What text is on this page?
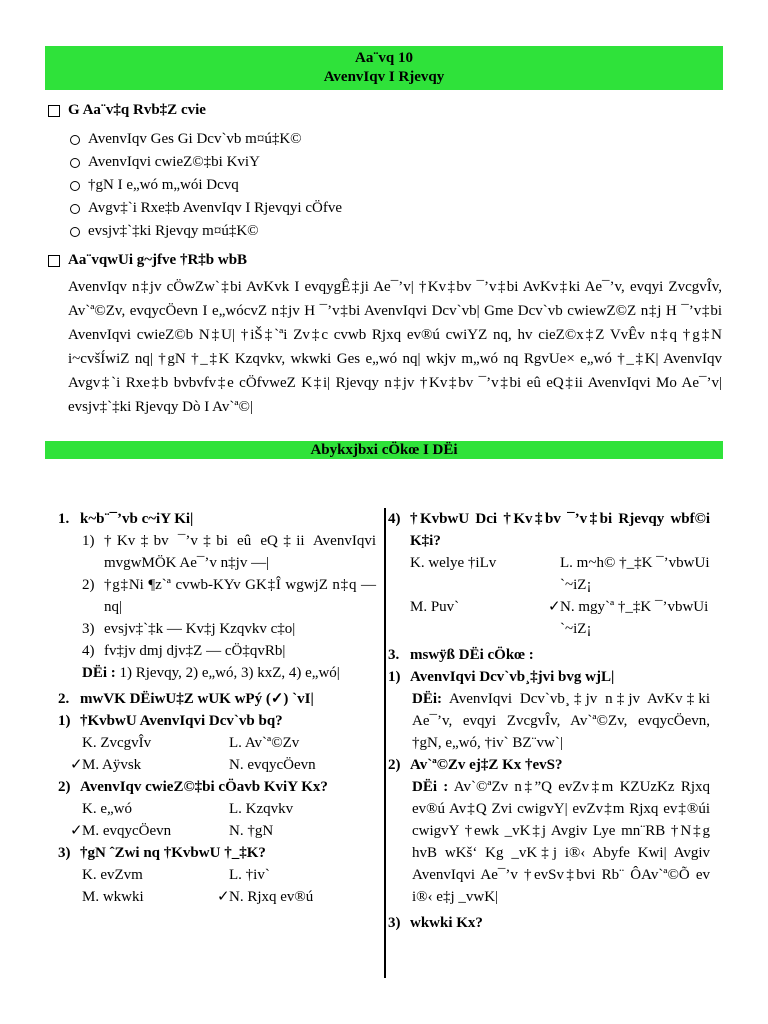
Aa¨vq 10
AvenvIqv I Rjevqy
G Aa¨v‡q Rvb‡Z cvie
AvenvIqv Ges Gi Dcv`vb m¤ú‡K©
AvenvIqvi cwieZ©‡bi KviY
†gN I e„wó m„wói Dcvq
Avgv‡`i Rxe‡b AvenvIqv I Rjevqyi cÖfve
evsjv‡`‡ki Rjevqy m¤ú‡K©
Aa¨vqwUi g~jfve †R‡b wbB
AvenvIqv n‡jv cÖwZw`‡bi AvKvk I evqygÊ‡ji Ae¯’v| †Kv‡bv ¯’v‡bi AvKv‡ki Ae¯’v, evqyi ZvcgvÎv, Av`ª©Zv, evqycÖevn I e„wócvZ n‡jv H ¯’v‡bi AvenvIqvi Dcv`vb| Gme Dcv`vb cwiewZ©Z n‡j H ¯’v‡bi AvenvIqvi cwieZ©b N‡U| †iŠ‡`ªi Zv‡c cvwb Rjxq ev®ú cwiYZ nq, hv cieZ©x‡Z VvÊv n‡q †g‡N i~cvšÍwiZ nq| †gN †_‡K Kzqvkv, wkwki Ges e„wó nq| wkjv m„wó nq RgvUe× e„wó †_‡K| AvenvIqv Avgv‡`i Rxe‡b bvbvfv‡e cÖfvweZ K‡i| Rjevqy n‡jv †Kv‡bv ¯’v‡bi eû eQ‡ii AvenvIqvi Mo Ae¯’v| evsjv‡`‡ki Rjevqy Dò I Av`ª©|
Abykxjbxi cÖkœ I DËi
1. k~b¨¯’vb c~iY Ki|
1) †Kv‡bv ¯’v‡bi eû eQ‡ii AvenvIqvi mvgwMÖK Ae¯’v n‡jv —|
2) †g‡Ni ¶z`ª cvwb-KYv GK‡Î wgwjZ n‡q — nq|
3) evsjv‡`‡k — Kv‡j Kzqvkv c‡o|
4) fv‡jv dmj djv‡Z — cÖ‡qvRb|
DËi : 1) Rjevqy, 2) e„wó, 3) kxZ, 4) e„wó|
2. mwVK DËiwU‡Z wUK wPý (✓) `vI|
1) †KvbwU AvenvIqvi Dcv`vb bq?
K. ZvcgvÎv	L. Av`ª©Zv
✓ M. Aÿvsk	N. evqycÖevn
2) AvenvIqv cwieZ©‡bi cÖavb KviY Kx?
K. e„wó	L. Kzqvkv
✓ M. evqycÖevn	N. †gN
3) †gN ˆZwi nq †KvbwU †_‡K?
K. evZvm	L. †iv`
M. wkwki	✓ N. Rjxq ev®ú
4) †KvbwU Dci †Kv‡bv ¯’v‡bi Rjevqy wbf©i K‡i?
K. welye †iLv	L. m~h© †_‡K ¯’vbwUi `~iZ¡
M. Puv`	✓ N. mgy`ª †_‡K ¯’vbwUi `~iZ¡
3. mswÿß DËi cÖkœ :
1) AvenvIqvi Dcv`vb¸‡jvi bvg wjL|
DËi: AvenvIqvi Dcv`vb¸‡jv n‡jv AvKv‡ki Ae¯’v, evqyi ZvcgvÎv, Av`ª©Zv, evqycÖevn, †gN, e„wó, †iv` BZ¨vw`|
2) Av`ª©Zv ej‡Z Kx †evS?
DËi : Av`©ªZv n‡”Q evZv‡m KZUzKz Rjxq ev®ú Av‡Q Zvi cwigvY| evZv‡m Rjxq ev‡®úi cwigvY †ewk _vK‡j Avgiv Lye mn¨RB †N‡g hvB wKš‘ Kg _vK‡j i®‹ Abyfe Kwi| Avgiv AvenvIqvi Ae¯’v †evSv‡bvi Rb¨ ÔAv`ª©Õ ev i®‹ e‡j _vwK|
3) wkwki Kx?
